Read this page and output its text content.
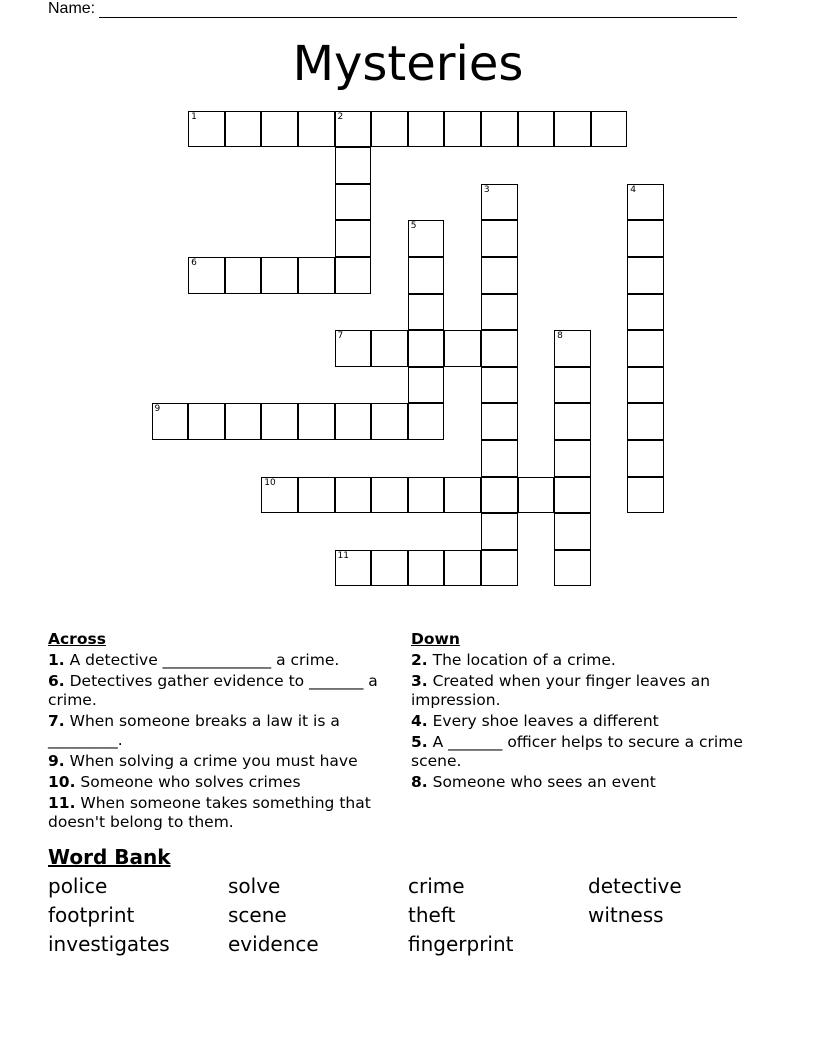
Name:
Mysteries
1	2
3	4
5
6
7	8
9
10
11
Across
1. A detective ______________ a crime.
6. Detectives gather evidence to _______ a crime.
7. When someone breaks a law it is a _________.
9. When solving a crime you must have
10. Someone who solves crimes
11. When someone takes something that doesn't belong to them.
Down
2. The location of a crime.
3. Created when your finger leaves an impression.
4. Every shoe leaves a different
5. A _______ officer helps to secure a crime scene.
8. Someone who sees an event
Word Bank
police	solve	crime	detective
footprint	scene	theft	witness
investigates	evidence	fingerprint
